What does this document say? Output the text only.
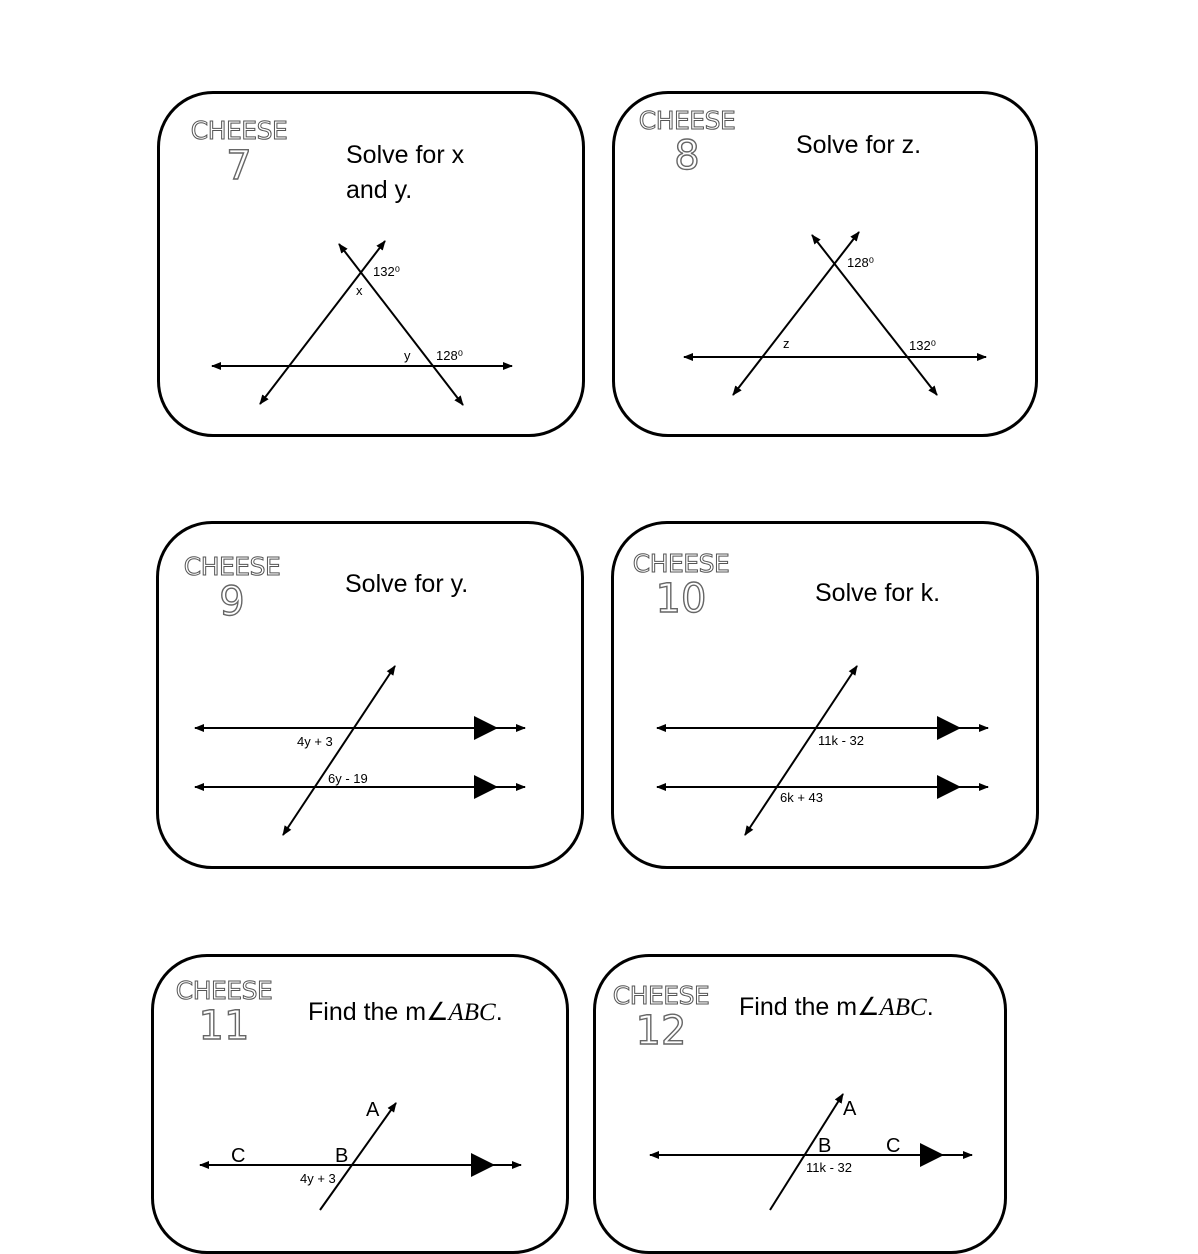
CHEESE
7	Solve for x
and y.
132⁰
x
y 128⁰
CHEESE
8	Solve for z.
128⁰
z	132⁰
CHEESE
9	Solve for y.
4y + 3
6y - 19
CHEESE
10	Solve for k.
11k - 32
6k + 43
CHEESE
11	Find the m∠ABC.
A
C	B
4y + 3
CHEESE
12
Find the m∠ABC.
A
B	C
11k - 32
